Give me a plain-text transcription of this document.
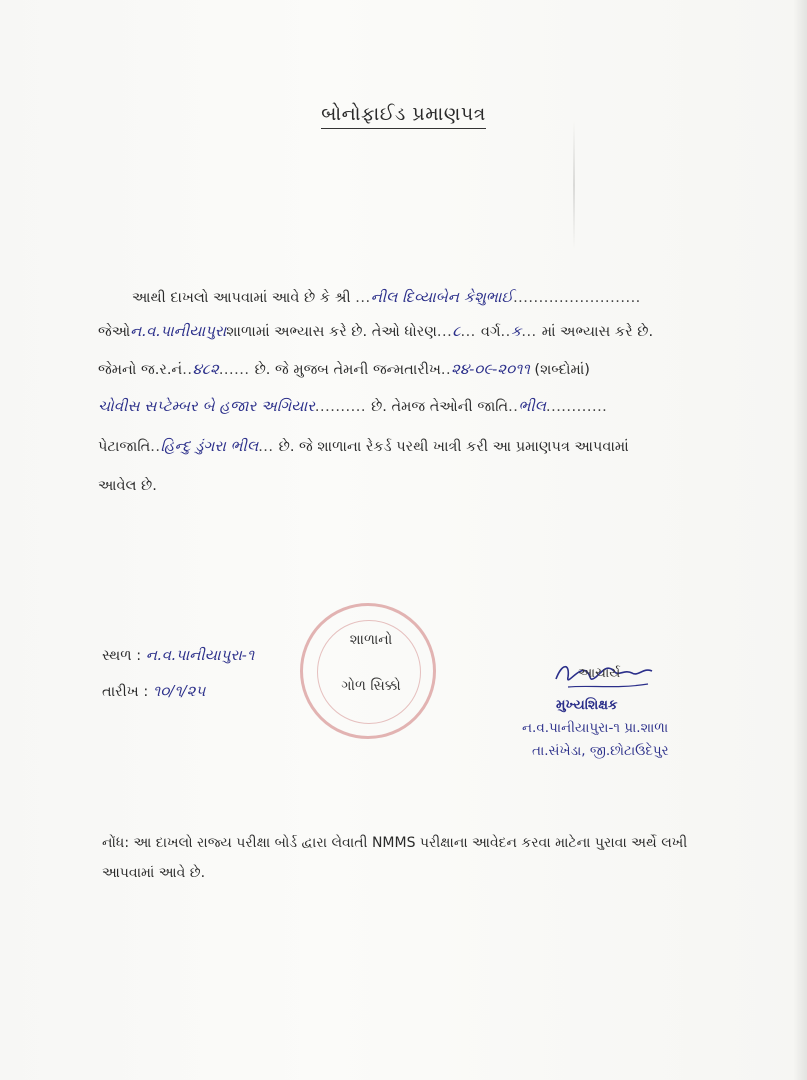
બોનોફાઈડ પ્રમાણપત્ર
આથી દાખલો આપવામાં આવે છે કે શ્રી ...નીલ દિવ્યાબેન કેશુભાઈ.........................
જેઓન.વ.પાનીયાપુરાશાળામાં અભ્યાસ કરે છે. તેઓ ધોરણ...૮... વર્ગ..ક... માં અભ્યાસ કરે છે.
જેમનો જ.ર.નં..૪૮૨...... છે. જે મુજબ તેમની જન્મતારીખ..૨૪-૦૯-૨૦૧૧ (શબ્દોમાં)
ચોવીસ સપ્ટેમ્બર બે હજાર અગિયાર.......... છે. તેમજ તેઓની જાતિ..ભીલ............
પેટાજાતિ..હિન્દુ ડુંગરા ભીલ... છે. જે શાળાના રેકર્ડ પરથી ખાત્રી કરી આ પ્રમાણપત્ર આપવામાં
આવેલ છે.
સ્થળ : ન.વ.પાનીયાપુરા-૧
તારીખ : ૧૦/૧/૨૫
શાળાનો
ગોળ સિક્કો
આચાર્ય
મુખ્યશિક્ષક
ન.વ.પાનીયાપુરા-૧ પ્રા.શાળા
તા.સંખેડા, જી.છોટાઉદેપુર
નોંધ: આ દાખલો રાજ્ય પરીક્ષા બોર્ડ દ્વારા લેવાતી NMMS પરીક્ષાના આવેદન કરવા માટેના પુરાવા અર્થે લખી
આપવામાં આવે છે.
